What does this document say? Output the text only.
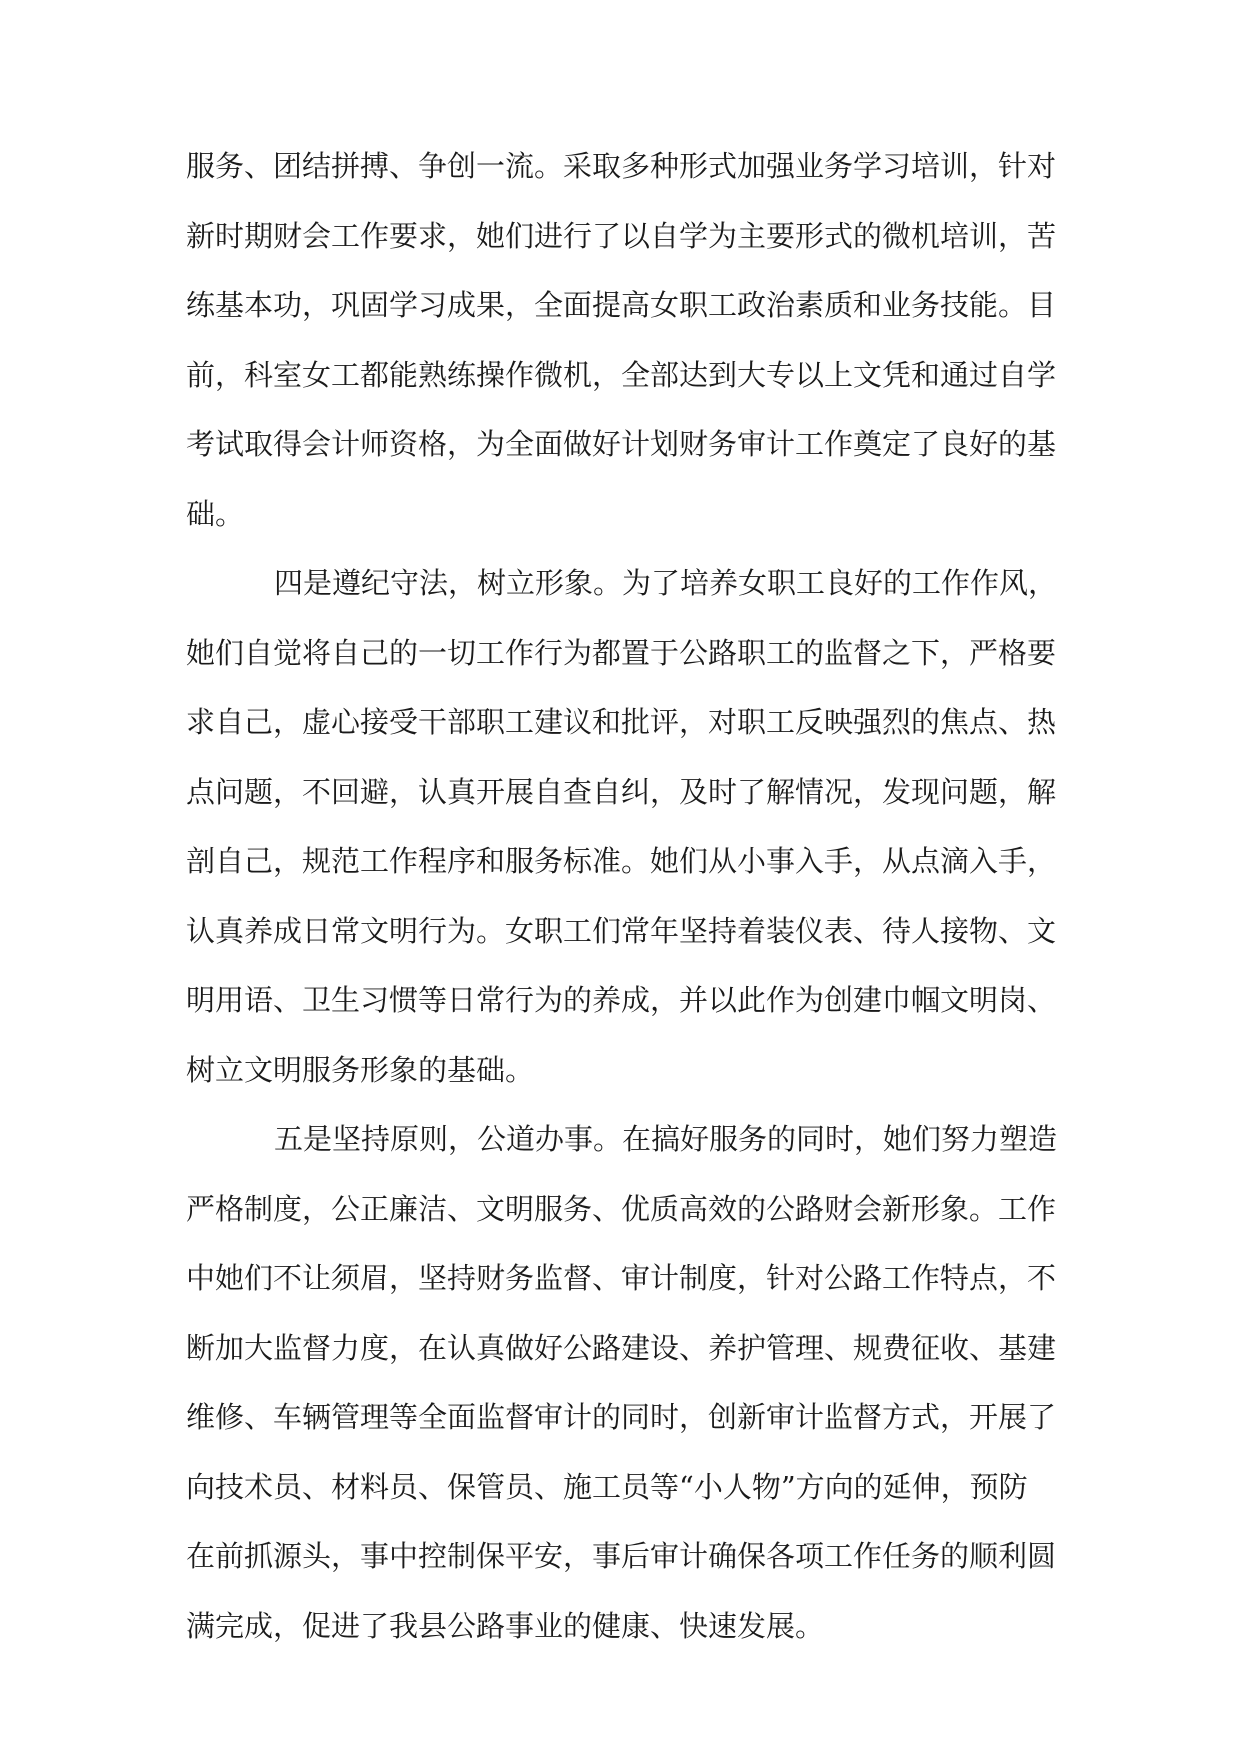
服务、团结拼搏、争创一流。采取多种形式加强业务学习培训，针对
新时期财会工作要求，她们进行了以自学为主要形式的微机培训，苦
练基本功，巩固学习成果，全面提高女职工政治素质和业务技能。目
前，科室女工都能熟练操作微机，全部达到大专以上文凭和通过自学
考试取得会计师资格，为全面做好计划财务审计工作奠定了良好的基
础。
四是遵纪守法，树立形象。为了培养女职工良好的工作作风，
她们自觉将自己的一切工作行为都置于公路职工的监督之下，严格要
求自己，虚心接受干部职工建议和批评，对职工反映强烈的焦点、热
点问题，不回避，认真开展自查自纠，及时了解情况，发现问题，解
剖自己，规范工作程序和服务标准。她们从小事入手，从点滴入手，
认真养成日常文明行为。女职工们常年坚持着装仪表、待人接物、文
明用语、卫生习惯等日常行为的养成，并以此作为创建巾帼文明岗、
树立文明服务形象的基础。
五是坚持原则，公道办事。在搞好服务的同时，她们努力塑造
严格制度，公正廉洁、文明服务、优质高效的公路财会新形象。工作
中她们不让须眉，坚持财务监督、审计制度，针对公路工作特点，不
断加大监督力度，在认真做好公路建设、养护管理、规费征收、基建
维修、车辆管理等全面监督审计的同时，创新审计监督方式，开展了
向技术员、材料员、保管员、施工员等“小人物”方向的延伸，预防
在前抓源头，事中控制保平安，事后审计确保各项工作任务的顺利圆
满完成，促进了我县公路事业的健康、快速发展。
